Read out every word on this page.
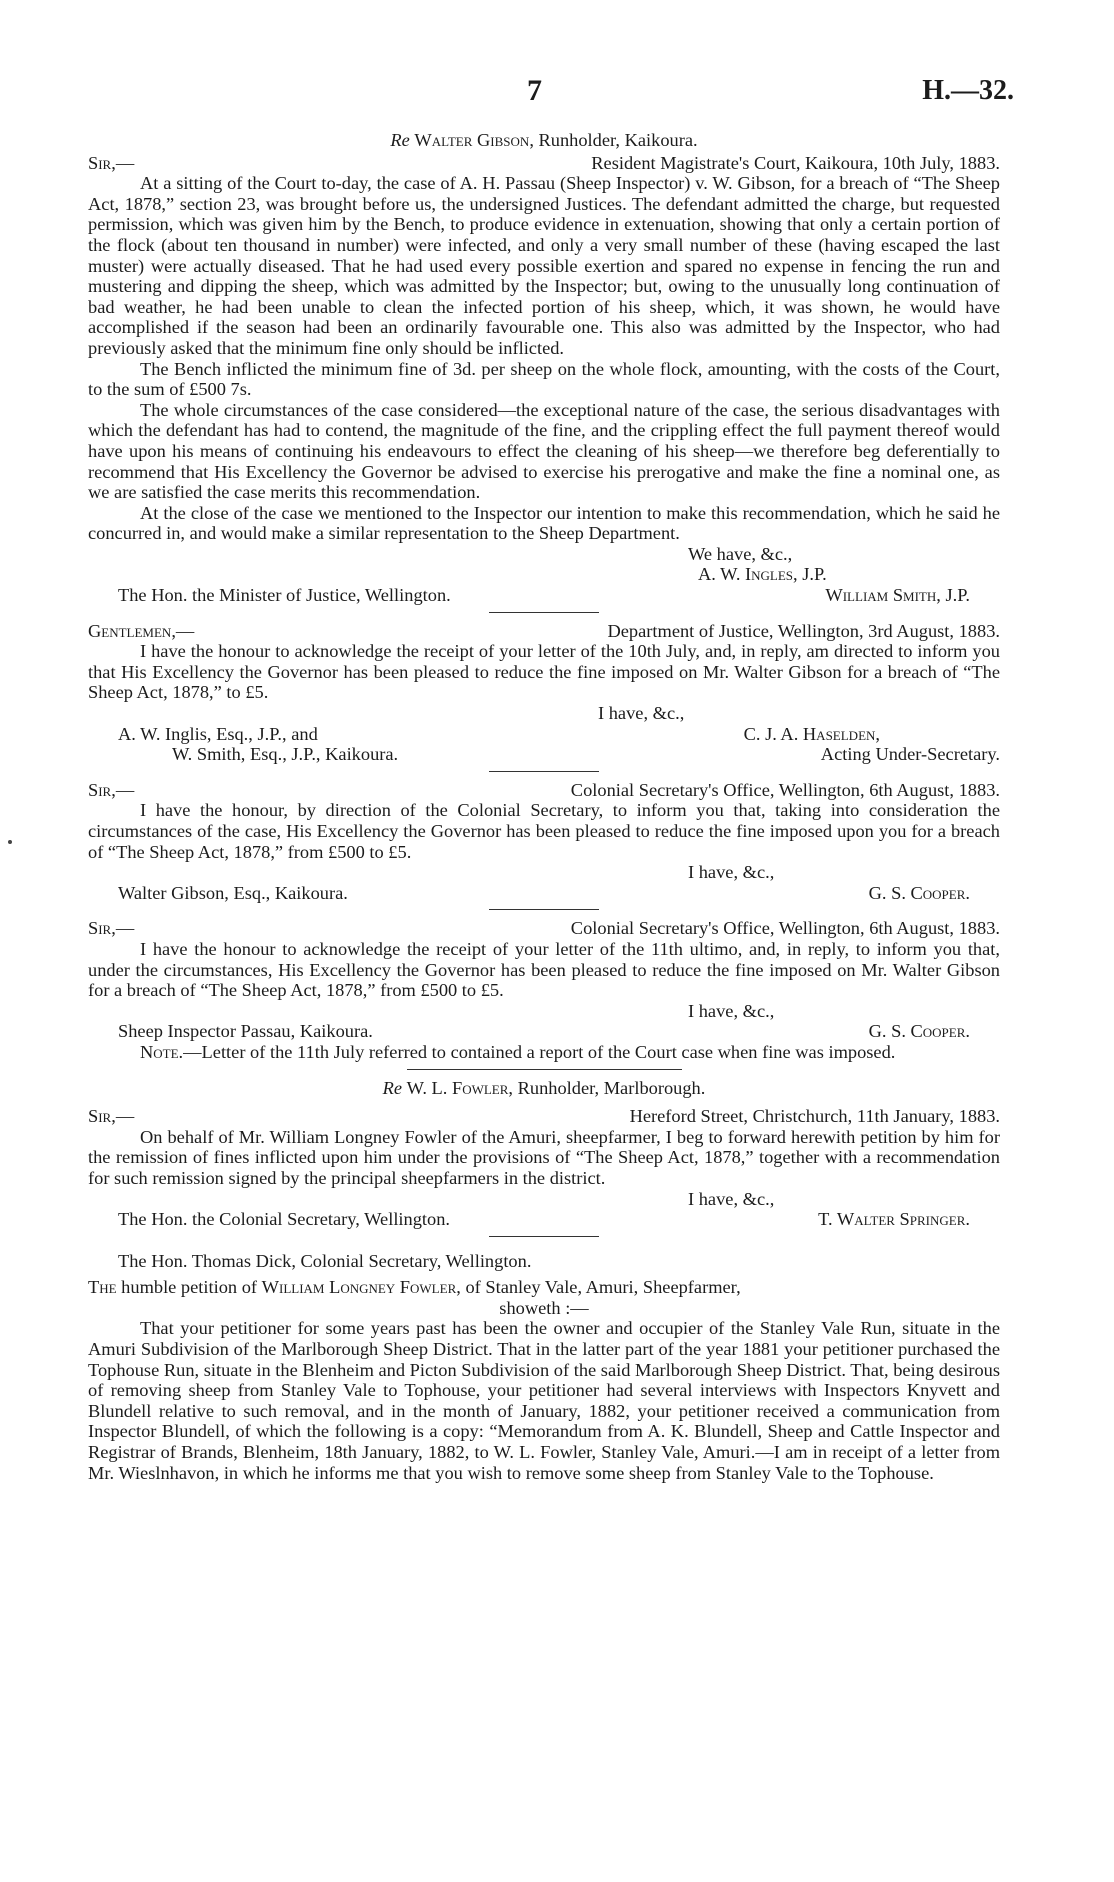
7	H.—32.
Re Walter Gibson, Runholder, Kaikoura.
Sir,—	Resident Magistrate's Court, Kaikoura, 10th July, 1883.
At a sitting of the Court to-day, the case of A. H. Passau (Sheep Inspector) v. W. Gibson, for a breach of “The Sheep Act, 1878,” section 23, was brought before us, the undersigned Justices. The defendant admitted the charge, but requested permission, which was given him by the Bench, to produce evidence in extenuation, showing that only a certain portion of the flock (about ten thousand in number) were infected, and only a very small number of these (having escaped the last muster) were actually diseased. That he had used every possible exertion and spared no expense in fencing the run and mustering and dipping the sheep, which was admitted by the Inspector; but, owing to the unusually long continuation of bad weather, he had been unable to clean the infected portion of his sheep, which, it was shown, he would have accomplished if the season had been an ordinarily favourable one. This also was admitted by the Inspector, who had previously asked that the minimum fine only should be inflicted.
The Bench inflicted the minimum fine of 3d. per sheep on the whole flock, amounting, with the costs of the Court, to the sum of £500 7s.
The whole circumstances of the case considered—the exceptional nature of the case, the serious disadvantages with which the defendant has had to contend, the magnitude of the fine, and the crippling effect the full payment thereof would have upon his means of continuing his endeavours to effect the cleaning of his sheep—we therefore beg deferentially to recommend that His Excellency the Governor be advised to exercise his prerogative and make the fine a nominal one, as we are satisfied the case merits this recommendation.
At the close of the case we mentioned to the Inspector our intention to make this recommendation, which he said he concurred in, and would make a similar representation to the Sheep Department.
We have, &c.,
A. W. Ingles, J.P.
The Hon. the Minister of Justice, Wellington.	William Smith, J.P.
Gentlemen,—	Department of Justice, Wellington, 3rd August, 1883.
I have the honour to acknowledge the receipt of your letter of the 10th July, and, in reply, am directed to inform you that His Excellency the Governor has been pleased to reduce the fine imposed on Mr. Walter Gibson for a breach of “The Sheep Act, 1878,” to £5.
I have, &c.,
A. W. Inglis, Esq., J.P., and	C. J. A. Haselden,
W. Smith, Esq., J.P., Kaikoura.	Acting Under-Secretary.
Sir,—	Colonial Secretary's Office, Wellington, 6th August, 1883.
I have the honour, by direction of the Colonial Secretary, to inform you that, taking into consideration the circumstances of the case, His Excellency the Governor has been pleased to reduce the fine imposed upon you for a breach of “The Sheep Act, 1878,” from £500 to £5.
I have, &c.,
Walter Gibson, Esq., Kaikoura.	G. S. Cooper.
Sir,—	Colonial Secretary's Office, Wellington, 6th August, 1883.
I have the honour to acknowledge the receipt of your letter of the 11th ultimo, and, in reply, to inform you that, under the circumstances, His Excellency the Governor has been pleased to reduce the fine imposed on Mr. Walter Gibson for a breach of “The Sheep Act, 1878,” from £500 to £5.
I have, &c.,
Sheep Inspector Passau, Kaikoura.	G. S. Cooper.
Note.—Letter of the 11th July referred to contained a report of the Court case when fine was imposed.
Re W. L. Fowler, Runholder, Marlborough.
Sir,—	Hereford Street, Christchurch, 11th January, 1883.
On behalf of Mr. William Longney Fowler of the Amuri, sheepfarmer, I beg to forward herewith petition by him for the remission of fines inflicted upon him under the provisions of “The Sheep Act, 1878,” together with a recommendation for such remission signed by the principal sheepfarmers in the district.
I have, &c.,
The Hon. the Colonial Secretary, Wellington.	T. Walter Springer.
The Hon. Thomas Dick, Colonial Secretary, Wellington.
The humble petition of William Longney Fowler, of Stanley Vale, Amuri, Sheepfarmer,
showeth :—
That your petitioner for some years past has been the owner and occupier of the Stanley Vale Run, situate in the Amuri Subdivision of the Marlborough Sheep District. That in the latter part of the year 1881 your petitioner purchased the Tophouse Run, situate in the Blenheim and Picton Subdivision of the said Marlborough Sheep District. That, being desirous of removing sheep from Stanley Vale to Tophouse, your petitioner had several interviews with Inspectors Knyvett and Blundell relative to such removal, and in the month of January, 1882, your petitioner received a communication from Inspector Blundell, of which the following is a copy: “Memorandum from A. K. Blundell, Sheep and Cattle Inspector and Registrar of Brands, Blenheim, 18th January, 1882, to W. L. Fowler, Stanley Vale, Amuri.—I am in receipt of a letter from Mr. Wieslnhavon, in which he informs me that you wish to remove some sheep from Stanley Vale to the Tophouse.
